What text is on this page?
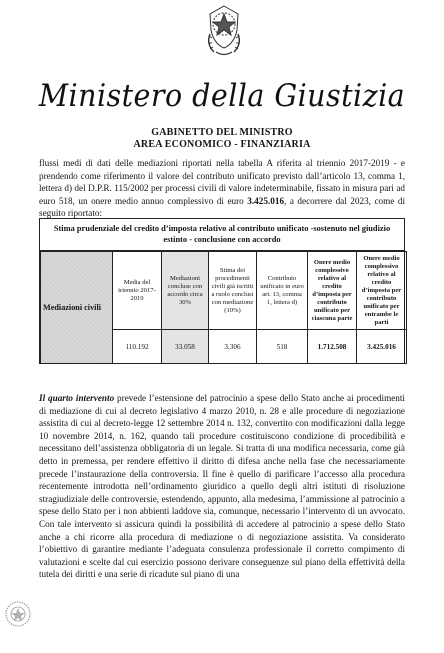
Ministero della Giustizia
GABINETTO DEL MINISTRO
AREA ECONOMICO - FINANZIARIA
flussi medi di dati delle mediazioni riportati nella tabella A riferita al triennio 2017-2019 - e prendendo come riferimento il valore del contributo unificato previsto dall’articolo 13, comma 1, lettera d) del D.P.R. 115/2002 per processi civili di valore indeterminabile, fissato in misura pari ad euro 518, un onere medio annuo complessivo di euro 3.425.016, a decorrere dal 2023, come di seguito riportato:
Stima prudenziale del credito d’imposta relativo al contributo unificato -sostenuto nel giudizio estinto - conclusione con accordo
Mediazioni civili	Media del triennio 2017-2019	Mediazioni concluse con accordo circa 30%	Stima dei procedimenti civili già iscritti a ruolo conclusi con mediazione (10%)	Contributo unificato in euro art. 13, comma 1, lettera d)	Onere medio complessivo relativo al credito d’imposta per contributo unificato per ciascuna parte	Onere medio complessivo relativo al credito d’imposta per contributo unificato per entrambe le parti
	110.192	33.058	3.306	518	1.712.508	3.425.016
Il quarto intervento prevede l’estensione del patrocinio a spese dello Stato anche ai procedimenti di mediazione di cui al decreto legislativo 4 marzo 2010, n. 28 e alle procedure di negoziazione assistita di cui al decreto-legge 12 settembre 2014 n. 132, convertito con modificazioni dalla legge 10 novembre 2014, n. 162, quando tali procedure costituiscono condizione di procedibilità e necessitano dell’assistenza obbligatoria di un legale. Si tratta di una modifica necessaria, come già detto in premessa, per rendere effettivo il diritto di difesa anche nella fase che necessariamente precede l’instaurazione della controversia. Il fine è quello di parificare l’accesso alla procedura recentemente introdotta nell’ordinamento giuridico a quello degli altri istituti di risoluzione stragiudiziale delle controversie, estendendo, appunto, alla medesima, l’ammissione al patrocinio a spese dello Stato per i non abbienti laddove sia, comunque, necessario l’intervento di un avvocato. Con tale intervento si assicura quindi la possibilità di accedere al patrocinio a spese dello Stato anche a chi ricorre alla procedura di mediazione o di negoziazione assistita. Va considerato l’obiettivo di garantire mediante l’adeguata consulenza professionale il corretto compimento di valutazioni e scelte dal cui esercizio possono derivare conseguenze sul piano della effettività della tutela dei diritti e una serie di ricadute sul piano di una
